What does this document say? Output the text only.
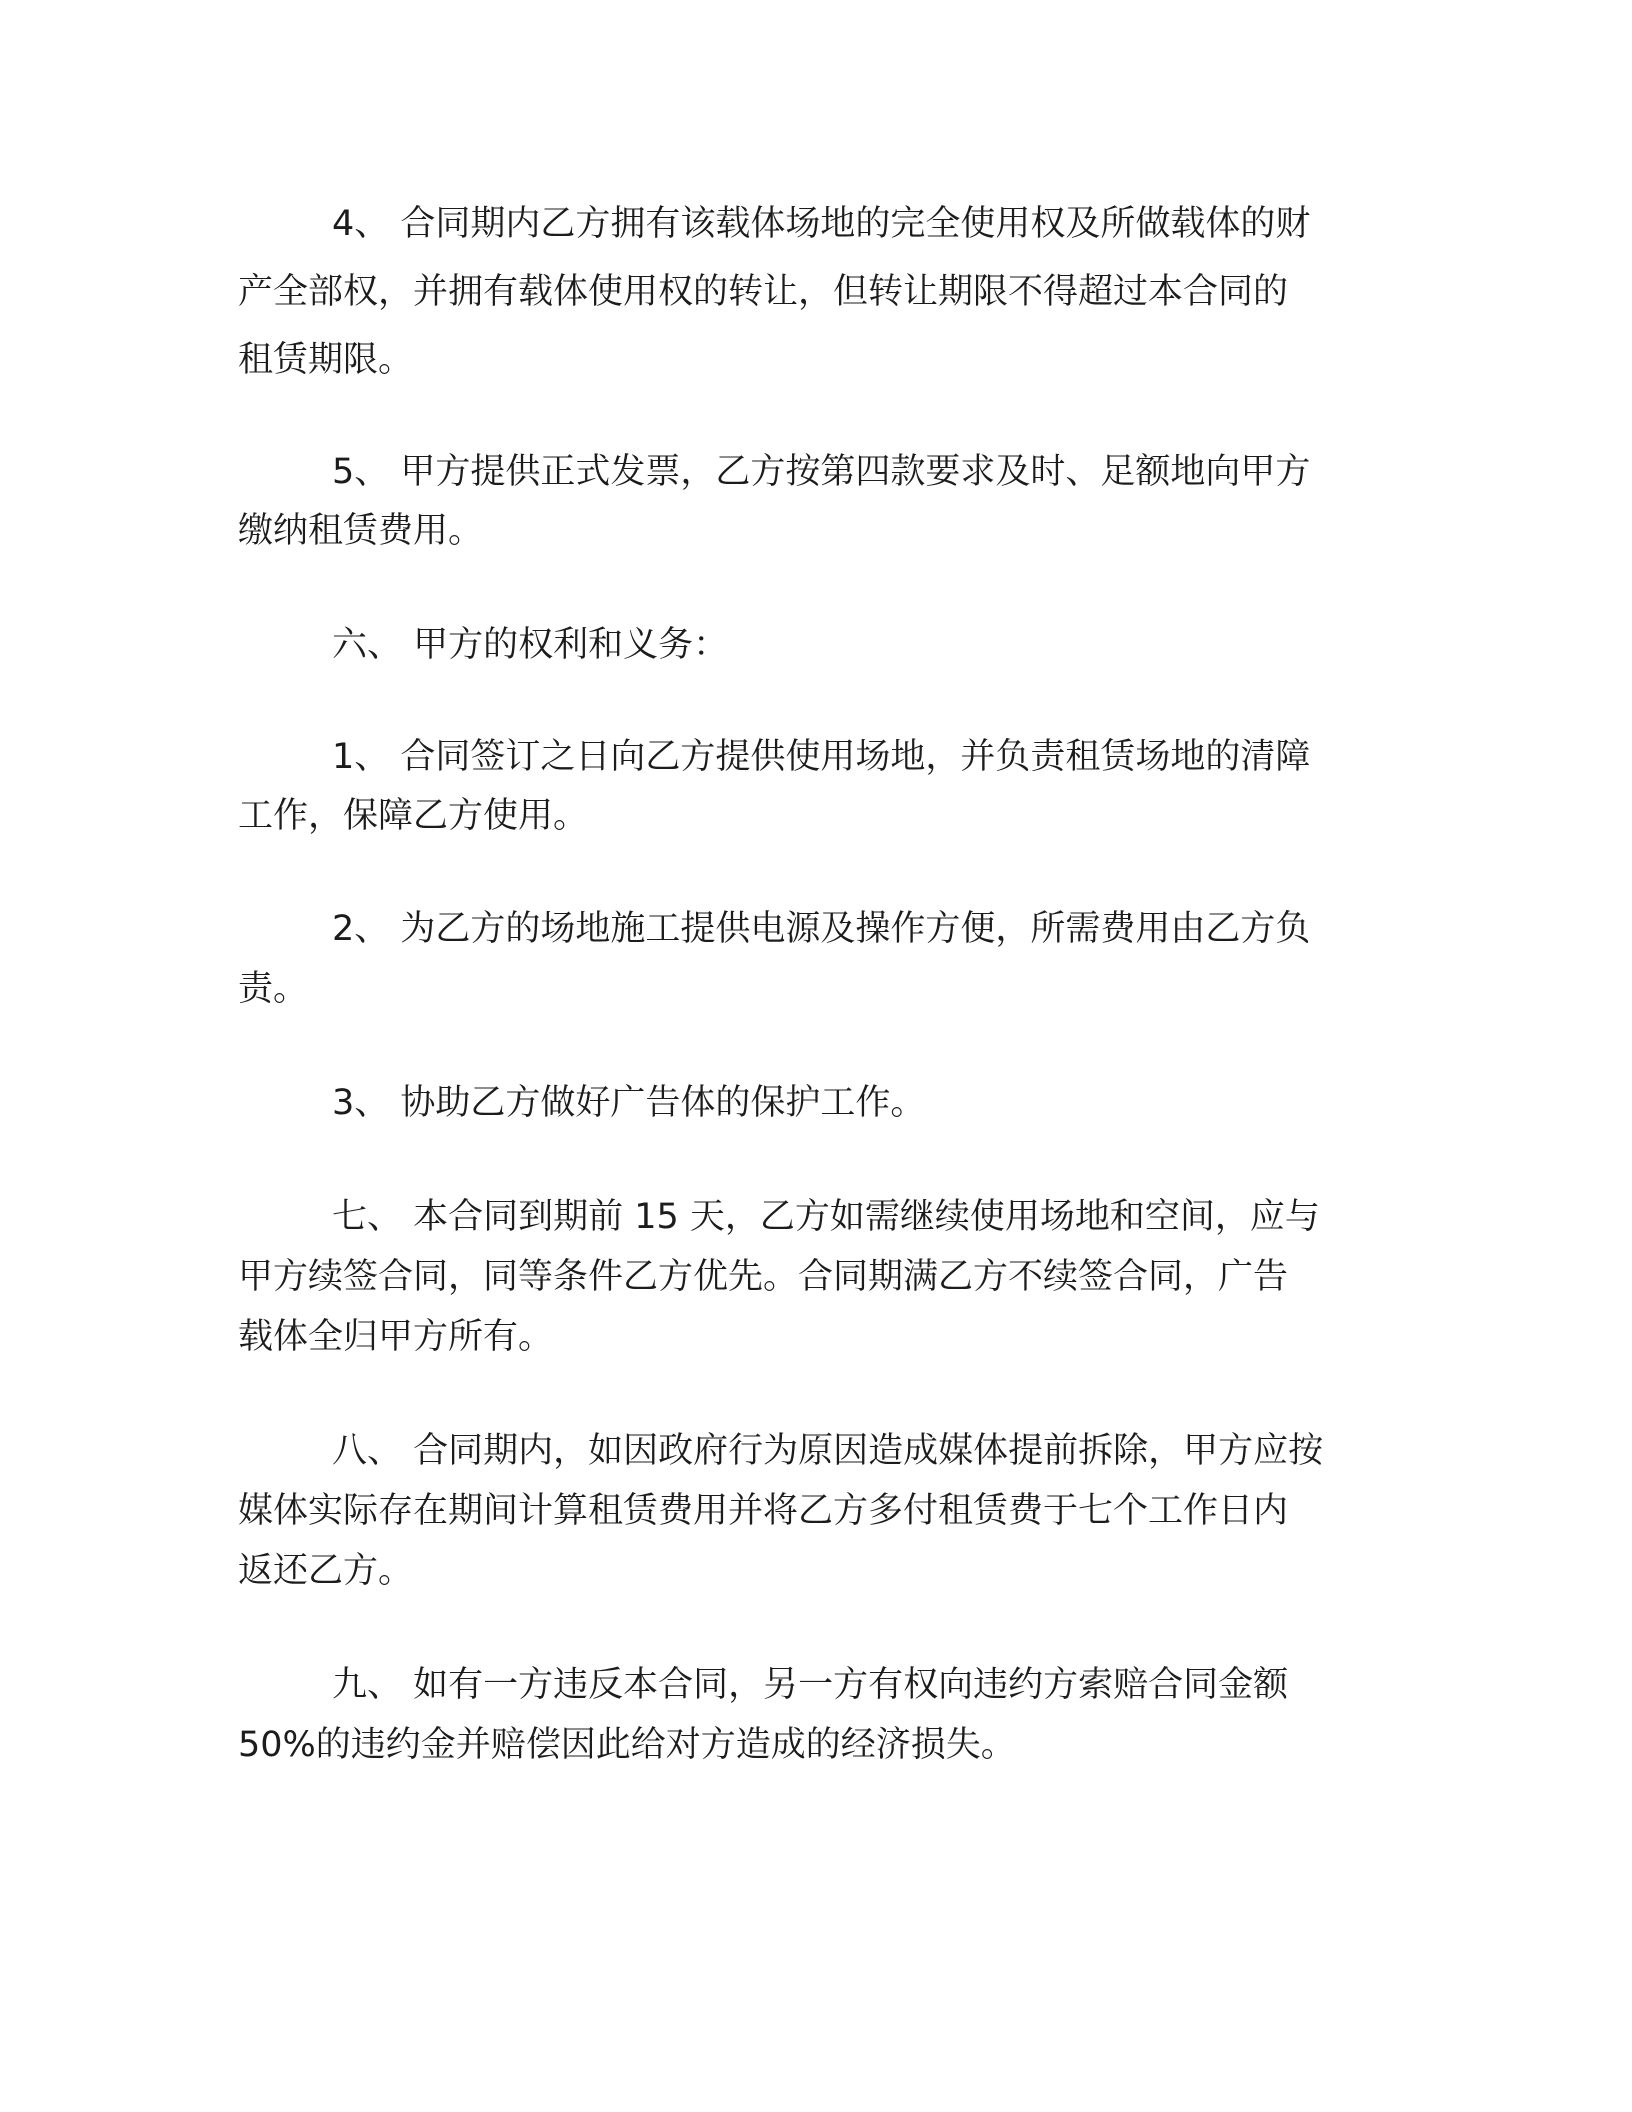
4、 合同期内乙方拥有该载体场地的完全使用权及所做载体的财
产全部权，并拥有载体使用权的转让，但转让期限不得超过本合同的
租赁期限。

5、 甲方提供正式发票，乙方按第四款要求及时、足额地向甲方
缴纳租赁费用。

六、 甲方的权利和义务：

1、 合同签订之日向乙方提供使用场地，并负责租赁场地的清障
工作，保障乙方使用。

2、 为乙方的场地施工提供电源及操作方便，所需费用由乙方负
责。

3、 协助乙方做好广告体的保护工作。

七、 本合同到期前 15 天，乙方如需继续使用场地和空间，应与
甲方续签合同，同等条件乙方优先。合同期满乙方不续签合同，广告
载体全归甲方所有。

八、 合同期内，如因政府行为原因造成媒体提前拆除，甲方应按
媒体实际存在期间计算租赁费用并将乙方多付租赁费于七个工作日内
返还乙方。

九、 如有一方违反本合同，另一方有权向违约方索赔合同金额
50%的违约金并赔偿因此给对方造成的经济损失。
